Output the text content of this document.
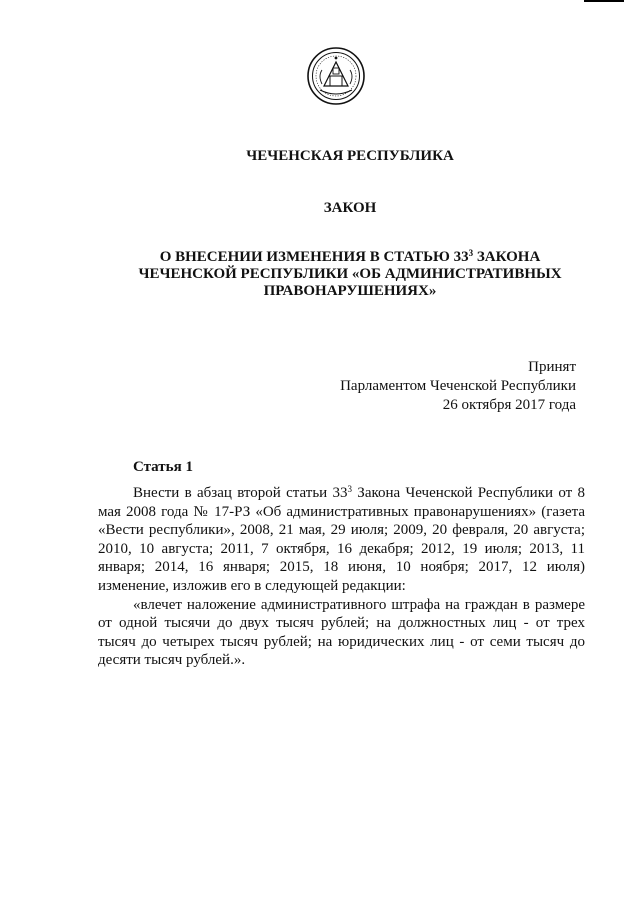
ЧЕЧЕНСКАЯ РЕСПУБЛИКА
ЗАКОН
О ВНЕСЕНИИ ИЗМЕНЕНИЯ В СТАТЬЮ $33^3$ ЗАКОНА
ЧЕЧЕНСКОЙ РЕСПУБЛИКИ «ОБ АДМИНИСТРАТИВНЫХ
ПРАВОНАРУШЕНИЯХ»
Принят
Парламентом Чеченской Республики
26 октября 2017 года
Статья 1

Внести в абзац второй статьи $33^3$ Закона Чеченской Республики от 8 мая 2008 года № 17-РЗ «Об административных правонарушениях» (газета «Вести республики», 2008, 21 мая, 29 июля; 2009, 20 февраля, 20 августа; 2010, 10 августа; 2011, 7 октября, 16 декабря; 2012, 19 июля; 2013, 11 января; 2014, 16 января; 2015, 18 июня, 10 ноября; 2017, 12 июля) изменение, изложив его в следующей редакции:

«влечет наложение административного штрафа на граждан в размере от одной тысячи до двух тысяч рублей; на должностных лиц - от трех тысяч до четырех тысяч рублей; на юридических лиц - от семи тысяч до десяти тысяч рублей.».
